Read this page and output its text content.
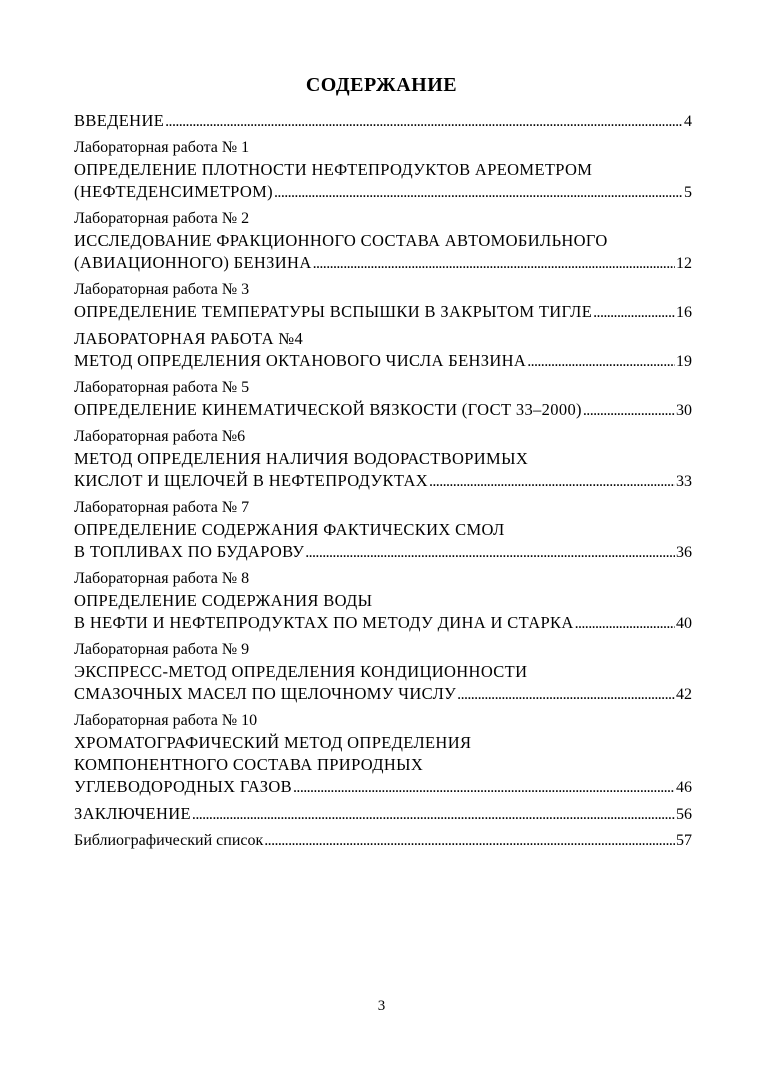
СОДЕРЖАНИЕ
ВВЕДЕНИЕ . . .	4
Лабораторная работа № 1
ОПРЕДЕЛЕНИЕ ПЛОТНОСТИ НЕФТЕПРОДУКТОВ АРЕОМЕТРОМ
(НЕФТЕДЕНСИМЕТРОМ) . . .	5
Лабораторная работа № 2
ИССЛЕДОВАНИЕ ФРАКЦИОННОГО СОСТАВА АВТОМОБИЛЬНОГО
(АВИАЦИОННОГО) БЕНЗИНА . . .	12
Лабораторная работа № 3
ОПРЕДЕЛЕНИЕ ТЕМПЕРАТУРЫ ВСПЫШКИ В ЗАКРЫТОМ ТИГЛЕ . . .	16
ЛАБОРАТОРНАЯ РАБОТА №4
МЕТОД ОПРЕДЕЛЕНИЯ ОКТАНОВОГО ЧИСЛА БЕНЗИНА . . .	19
Лабораторная работа № 5
ОПРЕДЕЛЕНИЕ КИНЕМАТИЧЕСКОЙ ВЯЗКОСТИ (ГОСТ 33–2000) . . .	30
Лабораторная работа №6
МЕТОД ОПРЕДЕЛЕНИЯ НАЛИЧИЯ ВОДОРАСТВОРИМЫХ
КИСЛОТ И ЩЕЛОЧЕЙ В НЕФТЕПРОДУКТАХ . . .	33
Лабораторная работа № 7
ОПРЕДЕЛЕНИЕ СОДЕРЖАНИЯ ФАКТИЧЕСКИХ СМОЛ
В ТОПЛИВАХ ПО БУДАРОВУ . . .	36
Лабораторная работа № 8
ОПРЕДЕЛЕНИЕ СОДЕРЖАНИЯ ВОДЫ
В НЕФТИ И НЕФТЕПРОДУКТАХ ПО МЕТОДУ ДИНА И СТАРКА . . .	40
Лабораторная работа № 9
ЭКСПРЕСС-МЕТОД ОПРЕДЕЛЕНИЯ КОНДИЦИОННОСТИ
СМАЗОЧНЫХ МАСЕЛ ПО ЩЕЛОЧНОМУ ЧИСЛУ . . .	42
Лабораторная работа № 10
ХРОМАТОГРАФИЧЕСКИЙ МЕТОД ОПРЕДЕЛЕНИЯ
КОМПОНЕНТНОГО СОСТАВА ПРИРОДНЫХ
УГЛЕВОДОРОДНЫХ ГАЗОВ . . .	46
ЗАКЛЮЧЕНИЕ . . .	56
Библиографический список . . .	57
3
